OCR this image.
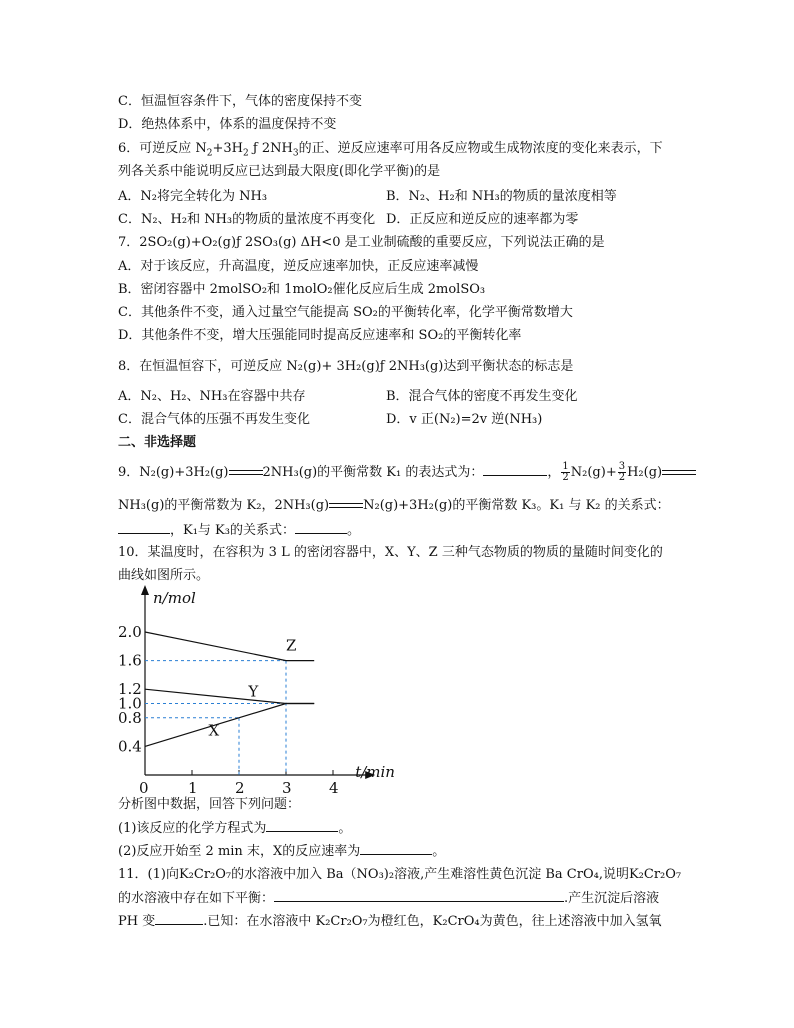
C．恒温恒容条件下，气体的密度保持不变
D．绝热体系中，体系的温度保持不变
6．可逆反应 $N_2+3H_2$ ƒ $2NH_3$的正、逆反应速率可用各反应物或生成物浓度的变化来表示，下
列各关系中能说明反应已达到最大限度(即化学平衡)的是
A．N₂将完全转化为 NH₃	B．N₂、H₂和 NH₃的物质的量浓度相等
C．N₂、H₂和 NH₃的物质的量浓度不再变化 D．正反应和逆反应的速率都为零
7．2SO₂(g)+O₂(g)ƒ 2SO₃(g) ΔH<0 是工业制硫酸的重要反应，下列说法正确的是
A．对于该反应，升高温度，逆反应速率加快，正反应速率减慢
B．密闭容器中 2molSO₂和 1molO₂催化反应后生成 2molSO₃
C．其他条件不变，通入过量空气能提高 SO₂的平衡转化率，化学平衡常数增大
D．其他条件不变，增大压强能同时提高反应速率和 SO₂的平衡转化率
8．在恒温恒容下，可逆反应 N₂(g)+ 3H₂(g)ƒ 2NH₃(g)达到平衡状态的标志是
A．N₂、H₂、NH₃在容器中共存	B．混合气体的密度不再发生变化
C．混合气体的压强不再发生变化	D．v 正(N₂)=2v 逆(NH₃)
二、非选择题
9．N₂(g)+3H₂(g)	2NH₃(g)的平衡常数 K₁ 的表达式为：	， $\frac{1}{2} N_2(g)+ \frac{3}{2} H_2(g)$
NH₃(g)的平衡常数为 K₂，2NH₃(g)	N₂(g)+3H₂(g)的平衡常数 K₃。K₁ 与 K₂ 的关系式：
，K₁与 K₃的关系式：	。
10．某温度时，在容积为 3 L 的密闭容器中，X、Y、Z 三种气态物质的物质的量随时间变化的
曲线如图所示。
n/mol
t/min
0	1 2 3 4
0.4
0.8
1.0
1.2
1.6
2.0
Z
Y
X
分析图中数据，回答下列问题：
(1)该反应的化学方程式为	。
(2)反应开始至 2 min 末，X的反应速率为	。
11．(1)向K₂Cr₂O₇的水溶液中加入 Ba（NO₃)₂溶液,产生难溶性黄色沉淀 Ba CrO₄,说明K₂Cr₂O₇
的水溶液中存在如下平衡：	.产生沉淀后溶液
PH 变	.已知：在水溶液中 K₂Cr₂O₇为橙红色，K₂CrO₄为黄色，往上述溶液中加入氢氧
